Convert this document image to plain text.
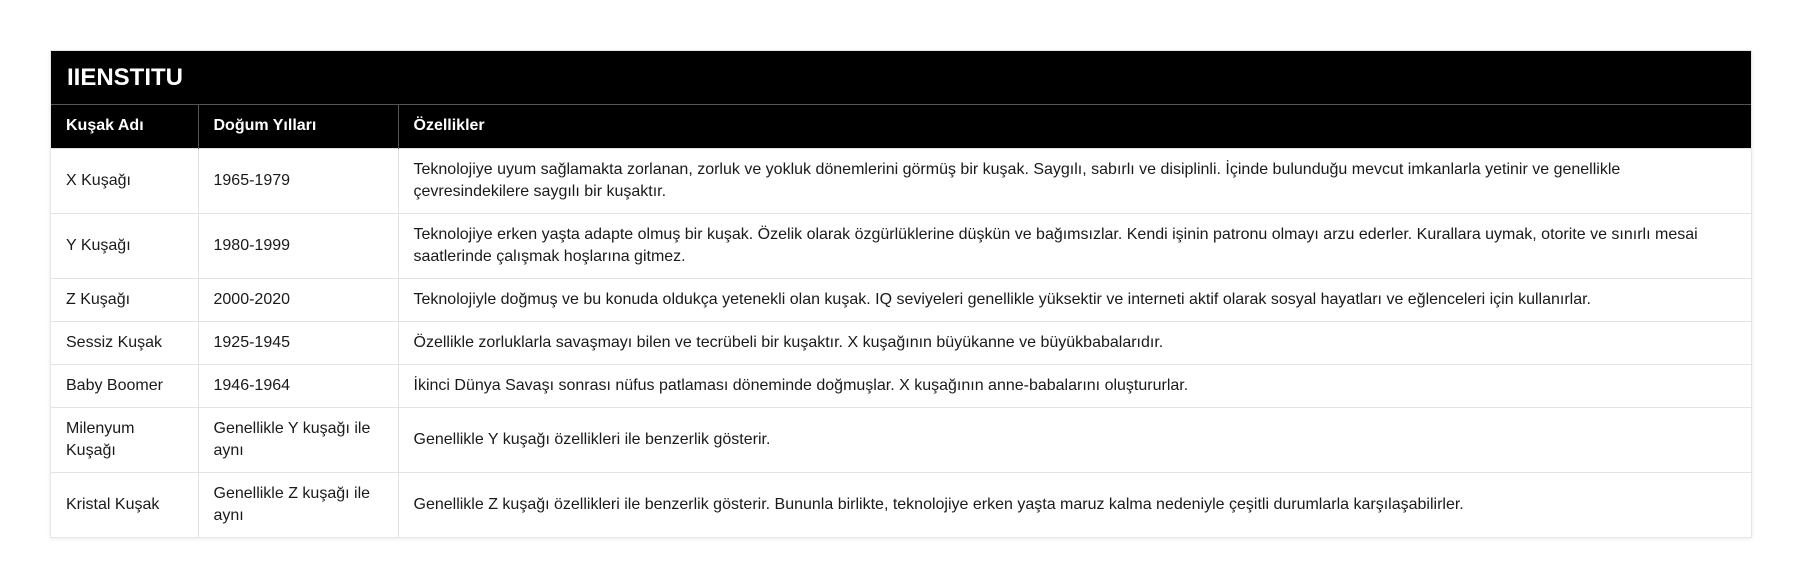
IIENSTITU
Kuşak Adı	Doğum Yılları	Özellikler
X Kuşağı	1965-1979	Teknolojiye uyum sağlamakta zorlanan, zorluk ve yokluk dönemlerini görmüş bir kuşak. Saygılı, sabırlı ve disiplinli. İçinde bulunduğu mevcut imkanlarla yetinir ve genellikle çevresindekilere saygılı bir kuşaktır.
Y Kuşağı	1980-1999	Teknolojiye erken yaşta adapte olmuş bir kuşak. Özelik olarak özgürlüklerine düşkün ve bağımsızlar. Kendi işinin patronu olmayı arzu ederler. Kurallara uymak, otorite ve sınırlı mesai saatlerinde çalışmak hoşlarına gitmez.
Z Kuşağı	2000-2020	Teknolojiyle doğmuş ve bu konuda oldukça yetenekli olan kuşak. IQ seviyeleri genellikle yüksektir ve interneti aktif olarak sosyal hayatları ve eğlenceleri için kullanırlar.
Sessiz Kuşak	1925-1945	Özellikle zorluklarla savaşmayı bilen ve tecrübeli bir kuşaktır. X kuşağının büyükanne ve büyükbabalarıdır.
Baby Boomer	1946-1964	İkinci Dünya Savaşı sonrası nüfus patlaması döneminde doğmuşlar. X kuşağının anne-babalarını oluştururlar.
Milenyum Kuşağı	Genellikle Y kuşağı ile aynı	Genellikle Y kuşağı özellikleri ile benzerlik gösterir.
Kristal Kuşak	Genellikle Z kuşağı ile aynı	Genellikle Z kuşağı özellikleri ile benzerlik gösterir. Bununla birlikte, teknolojiye erken yaşta maruz kalma nedeniyle çeşitli durumlarla karşılaşabilirler.
